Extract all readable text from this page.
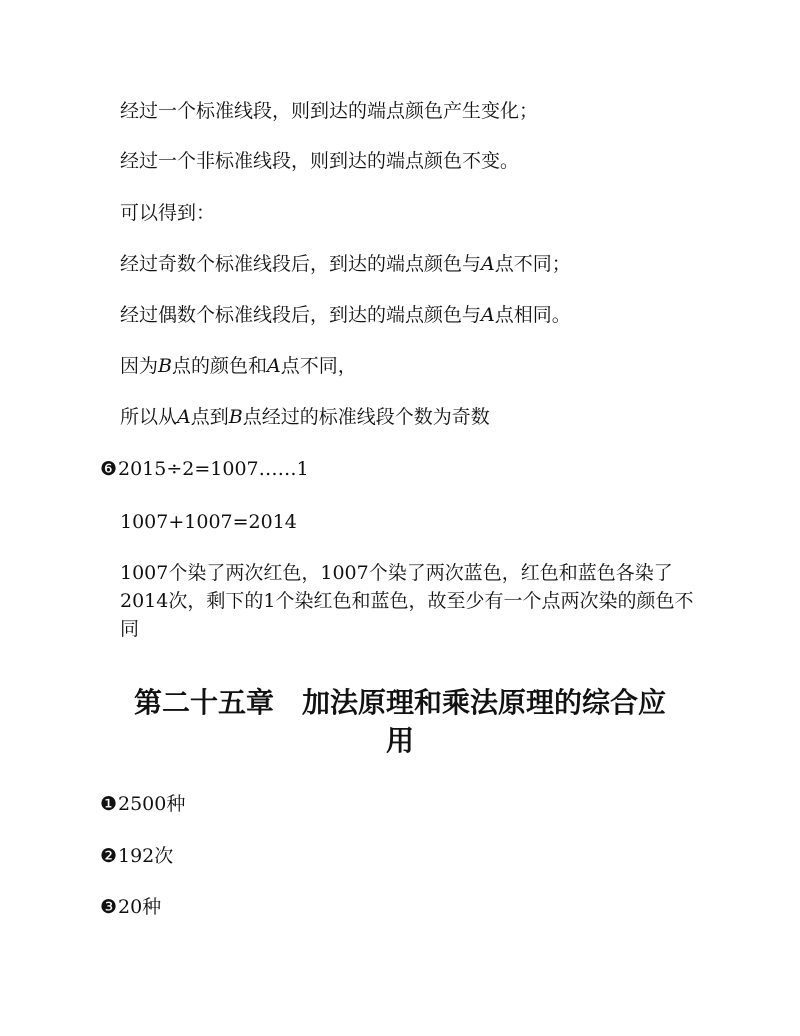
经过一个标准线段，则到达的端点颜色产生变化；
经过一个非标准线段，则到达的端点颜色不变。
可以得到：
经过奇数个标准线段后，到达的端点颜色与A点不同；
经过偶数个标准线段后，到达的端点颜色与A点相同。
因为B点的颜色和A点不同，
所以从A点到B点经过的标准线段个数为奇数
❻2015÷2=1007……1
1007+1007=2014
1007个染了两次红色，1007个染了两次蓝色，红色和蓝色各染了
2014次，剩下的1个染红色和蓝色，故至少有一个点两次染的颜色不
同
第二十五章　加法原理和乘法原理的综合应
用
❶2500种
❷192次
❸20种
